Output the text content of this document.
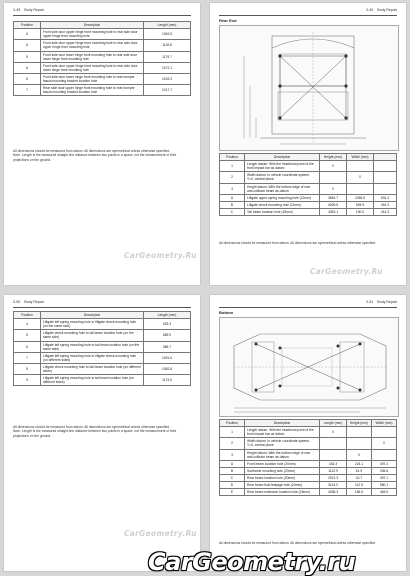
3-49 Body Repair
Position	Description	Length (mm)
6	Front side door upper hinge front mounting hole to rear side door upper hinge front mounting hole	1062.5
6	Front side door upper hinge front mounting hole to rear side door upper hinge front mounting hole	1116.8
5	Front side door lower hinge front mounting hole to rear side door lower hinge front mounting hole	1179.7
6	Front side door upper hinge front mounting hole to rear side door lower hinge front mounting hole	1072.1
6	Front side door lower hinge front mounting hole to rear bumper fascia mounting bracket location hole	1033.3
7	Rear side door upper hinge front mounting hole to rear bumper fascia mounting bracket location hole	1017.7
All dimensions should be measured from datum. All dimensions are symmetrical unless otherwise specified.
Note: Length is the measured straight-line distance between two points in a space, not the measurement of their projections on the ground.
CarGeometry.Ru
3-49 Body Repair
Rear End
Position	Description	Height (mm)	Width (mm)	
1	Length datum: With the headmost point of the front impact bar as datum	0		
2	Width datum: In vehicle coordinate system, Y=0, central plane		0	
3	Height datum: With the bottom edge of rear anti-collision beam as datum	0		
A	Liftgate upper spring mounting hole (12mm)	3854.7	1085.5	531.4
B	Liftgate check mounting hole (11mm)	4269.5	594.9	491.3
C	Tail beam location hole (18mm)	4363.1	190.0	414.3
All dimensions should be measured from datum. All dimensions are symmetrical unless otherwise specified.
CarGeometry.Ru
3-50 Body Repair
Position	Description	Length (mm)
4	Liftgate left spring mounting hole to liftgate check mounting hole (on the same side)	633.3
5	Liftgate check mounting hole to tail beam location hole (on the same side)	689.9
6	Liftgate left spring mounting hole to tail beam location hole (on the same side)	986.7
7	Liftgate left spring mounting hole to liftgate check mounting hole (on different sides)	1491.6
8	Liftgate check mounting hole to tail beam location hole (on different sides)	1082.8
9	Liftgate left spring mounting hole to tail beam location hole (on different sides)	1174.5
All dimensions should be measured from datum. All dimensions are symmetrical unless otherwise specified.
Note: Length is the measured straight-line distance between two points in a space, not the measurement of their projections on the ground.
CarGeometry.Ru
3-51 Body Repair
Bottom
Position	Description	Length (mm)	Height (mm)	Width (mm)
1	Length datum: With the headmost point of the front impact bar as datum	0		
2	Width datum: In vehicle coordinate system, Y=0, central plane			0
3	Height datum: With the bottom edge of rear anti-collision beam as datum		0	
A	Front beam location hole (20mm)	434.3	224.1	497.4
B	Subframe mounting hole (20mm)	1112.9	61.9	335.6
C	Rear beam location hole (20mm)	2921.3	42.7	497.1
D	Rear beam fluid leakage hole (20mm)	3144.0	112.9	580.1
E	Rear beam extension location hole (18mm)	4288.3	184.6	463.0
All dimensions should be measured from datum. All dimensions are symmetrical unless otherwise specified.
CarGeometry.ru
